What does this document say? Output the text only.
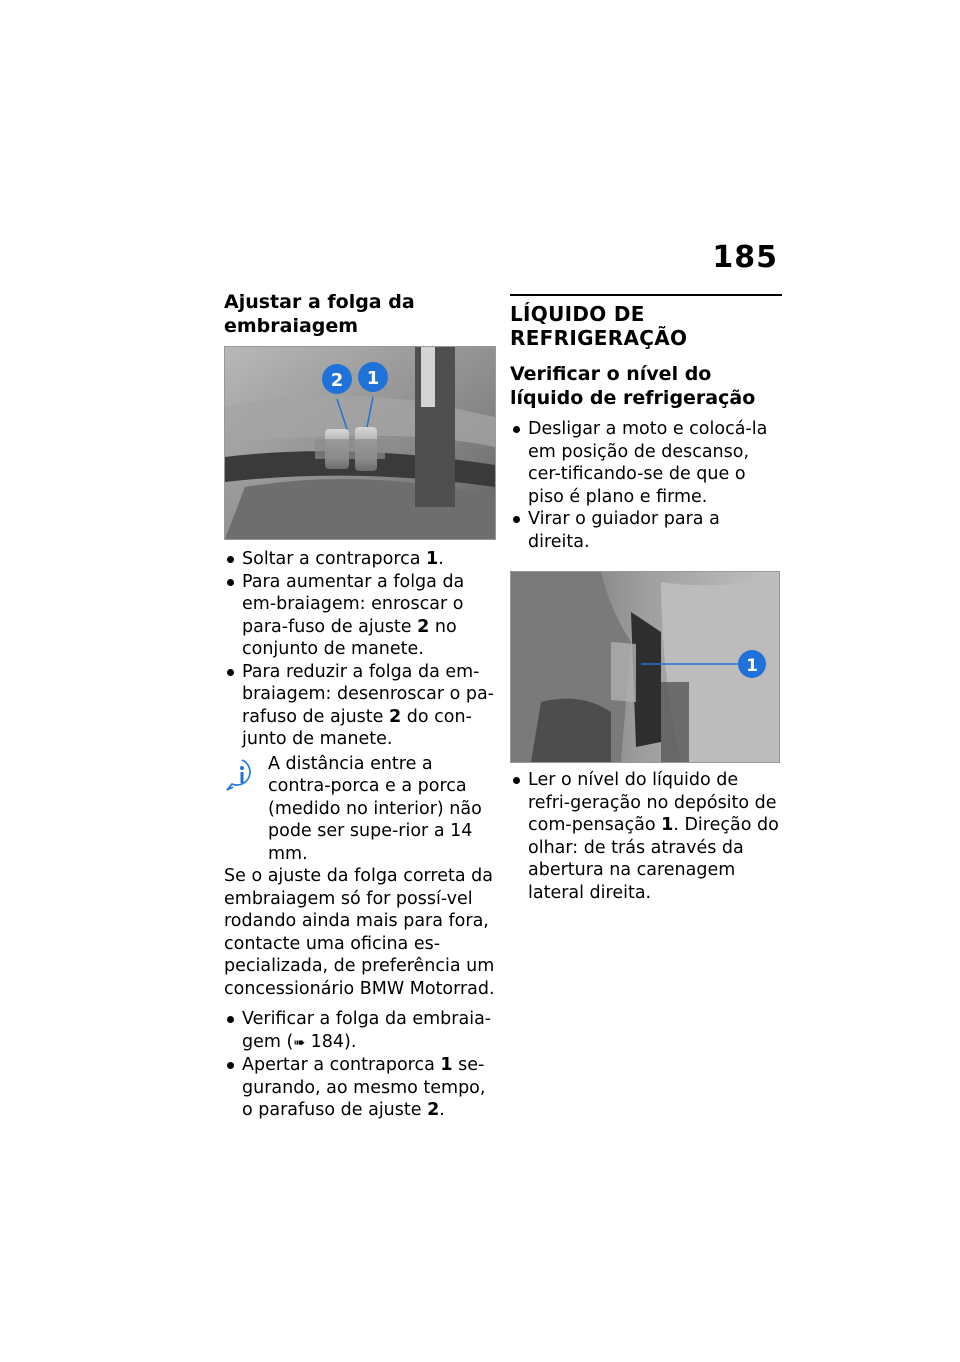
185
Ajustar a folga da embraiagem
2 1
Soltar a contraporca 1.
Para aumentar a folga da em-braiagem: enroscar o para-fuso de ajuste 2 no conjunto de manete.
Para reduzir a folga da em-braiagem: desenroscar o pa-rafuso de ajuste 2 do con-junto de manete.
A distância entre a contra-porca e a porca (medido no interior) não pode ser supe-rior a 14 mm.
Se o ajuste da folga correta da embraiagem só for possí-vel rodando ainda mais para fora, contacte uma oficina es-pecializada, de preferência um concessionário BMW Motorrad.
Verificar a folga da embraia-gem (➠ 184).
Apertar a contraporca 1 se-gurando, ao mesmo tempo, o parafuso de ajuste 2.
LÍQUIDO DE REFRIGERAÇÃO
Verificar o nível do líquido de refrigeração
Desligar a moto e colocá-la em posição de descanso, cer-tificando-se de que o piso é plano e firme.
Virar o guiador para a direita.
1
Ler o nível do líquido de refri-geração no depósito de com-pensação 1. Direção do olhar: de trás através da abertura na carenagem lateral direita.
